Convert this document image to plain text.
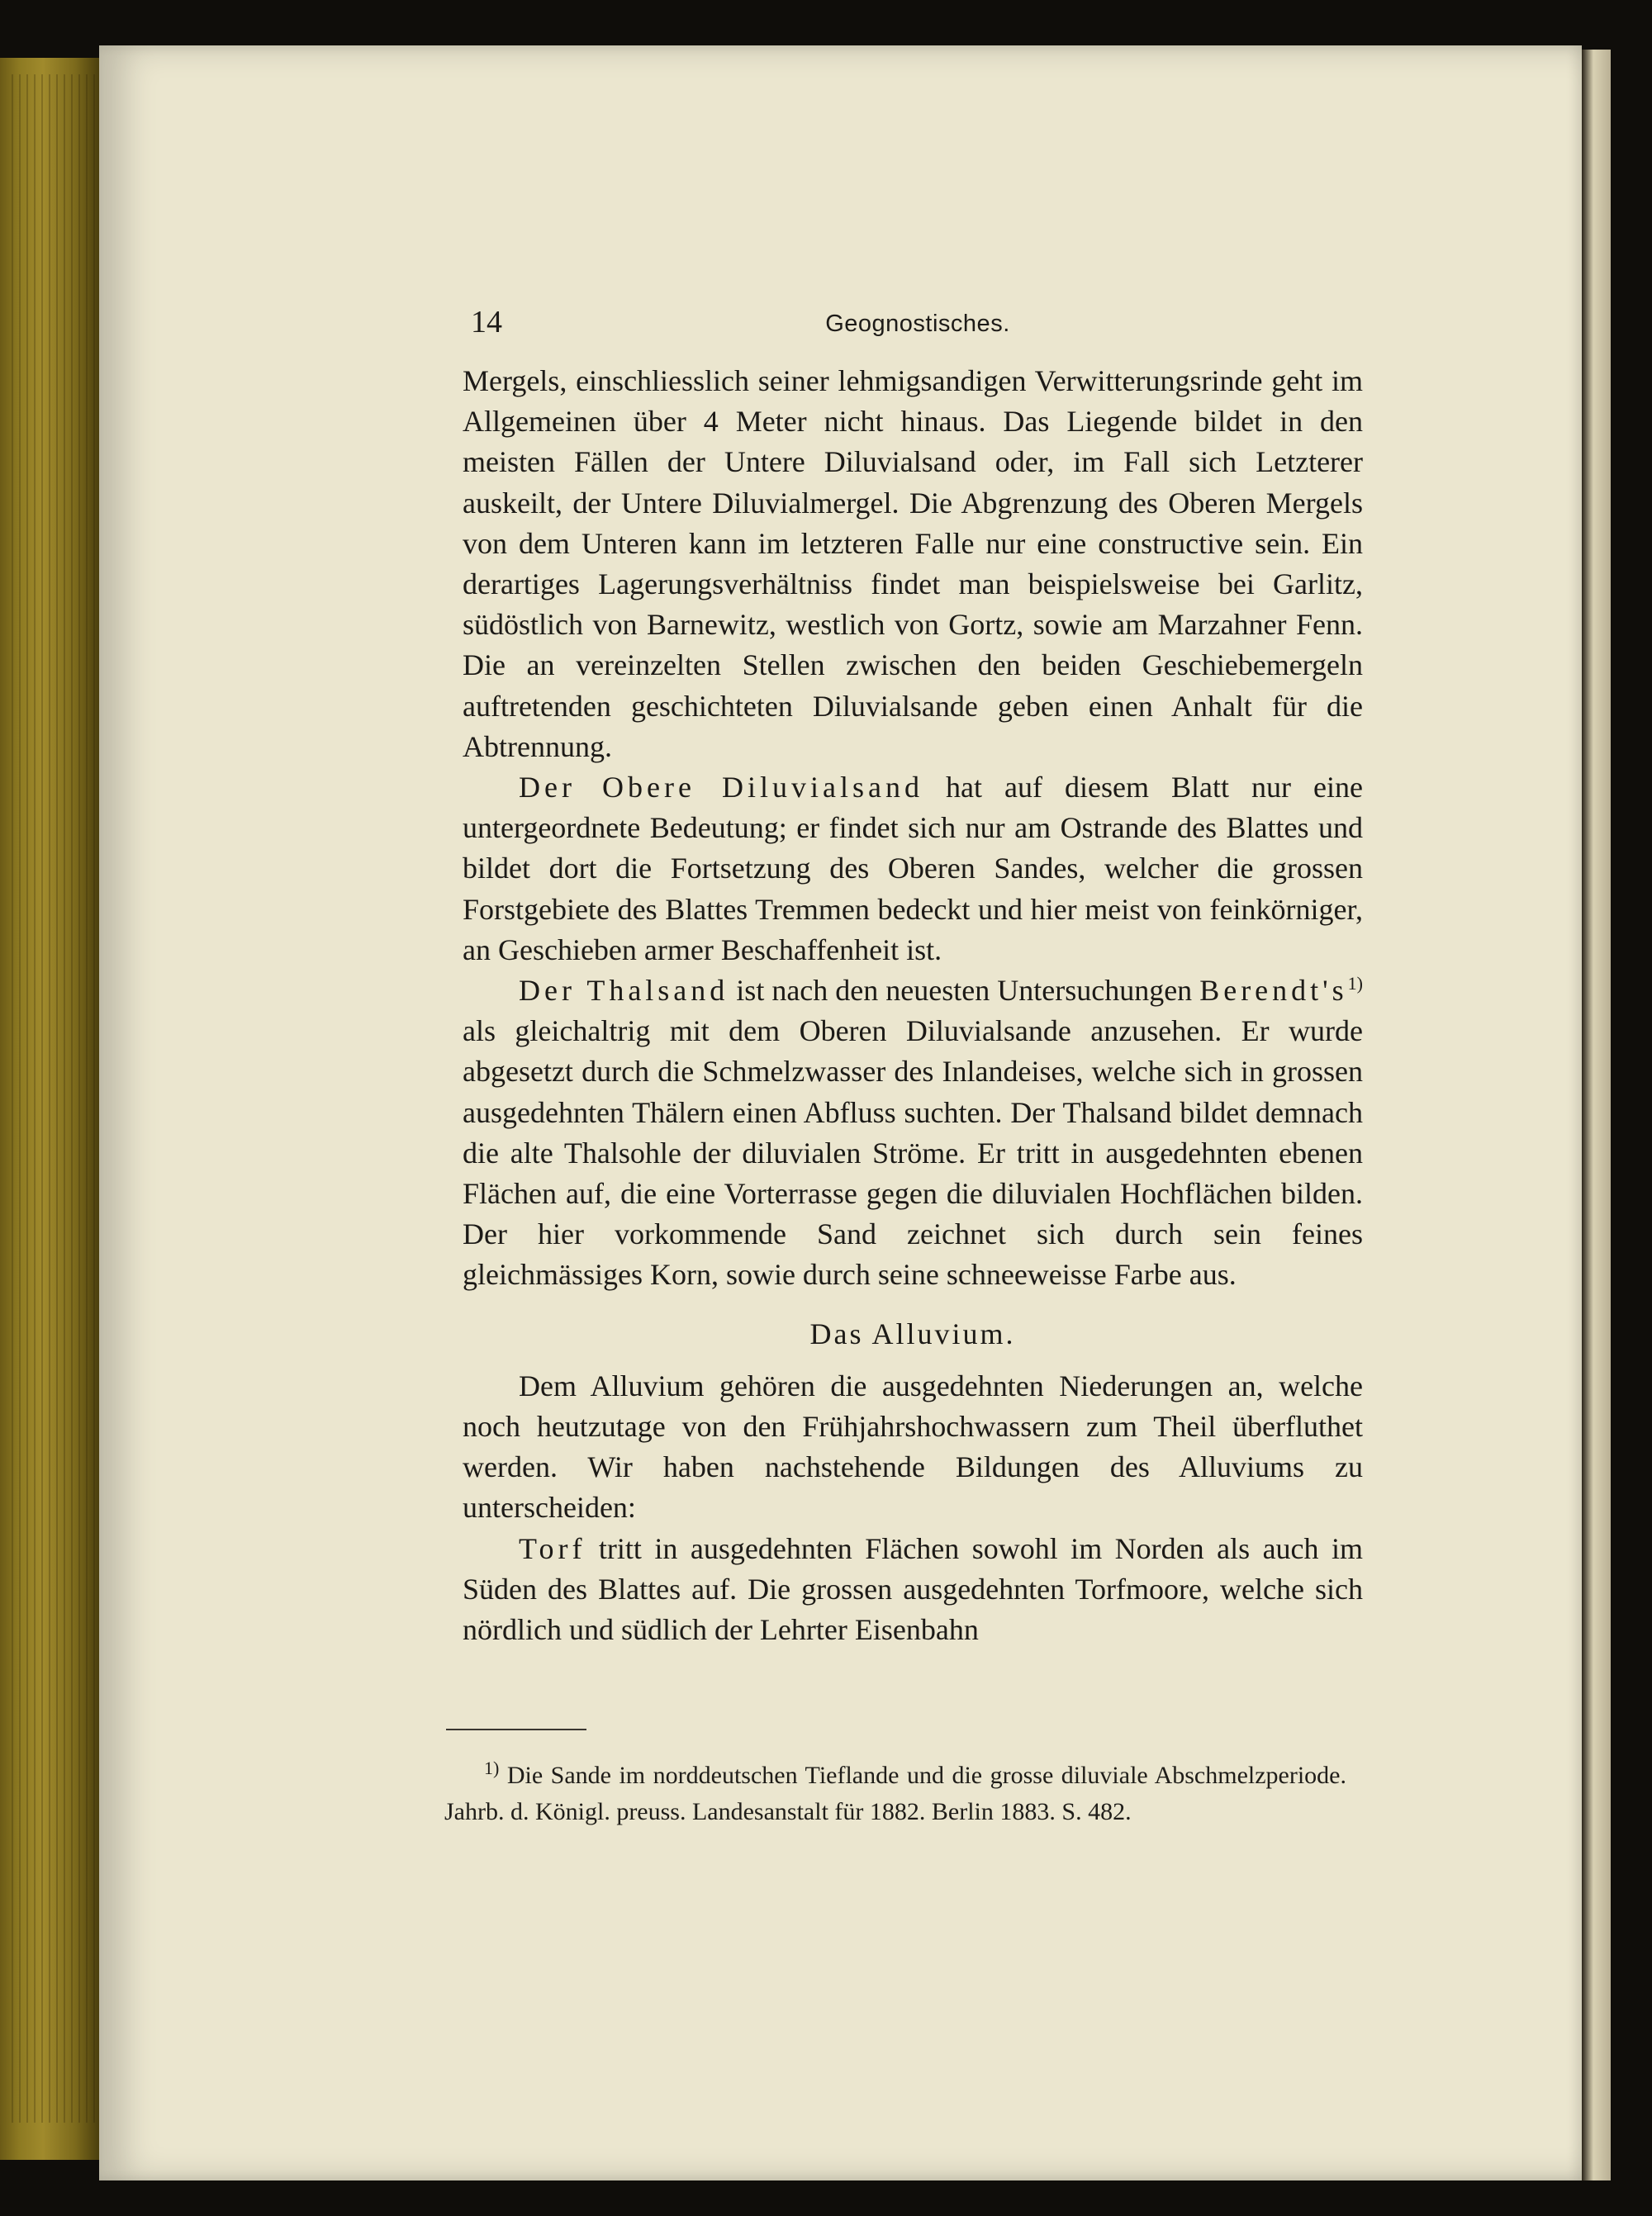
14	Geognostisches.

Mergels, einschliesslich seiner lehmigsandigen Verwitterungsrinde geht im Allgemeinen über 4 Meter nicht hinaus. Das Liegende bildet in den meisten Fällen der Untere Diluvialsand oder, im Fall sich Letzterer auskeilt, der Untere Diluvialmergel. Die Abgrenzung des Oberen Mergels von dem Unteren kann im letzteren Falle nur eine constructive sein. Ein derartiges Lagerungsverhältniss findet man beispielsweise bei Garlitz, südöstlich von Barnewitz, westlich von Gortz, sowie am Marzahner Fenn. Die an vereinzelten Stellen zwischen den beiden Geschiebemergeln auftretenden geschichteten Diluvialsande geben einen Anhalt für die Abtrennung.

Der Obere Diluvialsand hat auf diesem Blatt nur eine untergeordnete Bedeutung; er findet sich nur am Ostrande des Blattes und bildet dort die Fortsetzung des Oberen Sandes, welcher die grossen Forstgebiete des Blattes Tremmen bedeckt und hier meist von feinkörniger, an Geschieben armer Beschaffenheit ist.

Der Thalsand ist nach den neuesten Untersuchungen $Berendt's^{1)}$ als gleichaltrig mit dem Oberen Diluvialsande anzusehen. Er wurde abgesetzt durch die Schmelzwasser des Inlandeises, welche sich in grossen ausgedehnten Thälern einen Abfluss suchten. Der Thalsand bildet demnach die alte Thalsohle der diluvialen Ströme. Er tritt in ausgedehnten ebenen Flächen auf, die eine Vorterrasse gegen die diluvialen Hochflächen bilden. Der hier vorkommende Sand zeichnet sich durch sein feines gleichmässiges Korn, sowie durch seine schneeweisse Farbe aus.

Das Alluvium.

Dem Alluvium gehören die ausgedehnten Niederungen an, welche noch heutzutage von den Frühjahrshochwassern zum Theil überfluthet werden. Wir haben nachstehende Bildungen des Alluviums zu unterscheiden:

Torf tritt in ausgedehnten Flächen sowohl im Norden als auch im Süden des Blattes auf. Die grossen ausgedehnten Torfmoore, welche sich nördlich und südlich der Lehrter Eisenbahn

$^{1)}$ Die Sande im norddeutschen Tieflande und die grosse diluviale Abschmelzperiode. Jahrb. d. Königl. preuss. Landesanstalt für 1882. Berlin 1883. S. 482.
